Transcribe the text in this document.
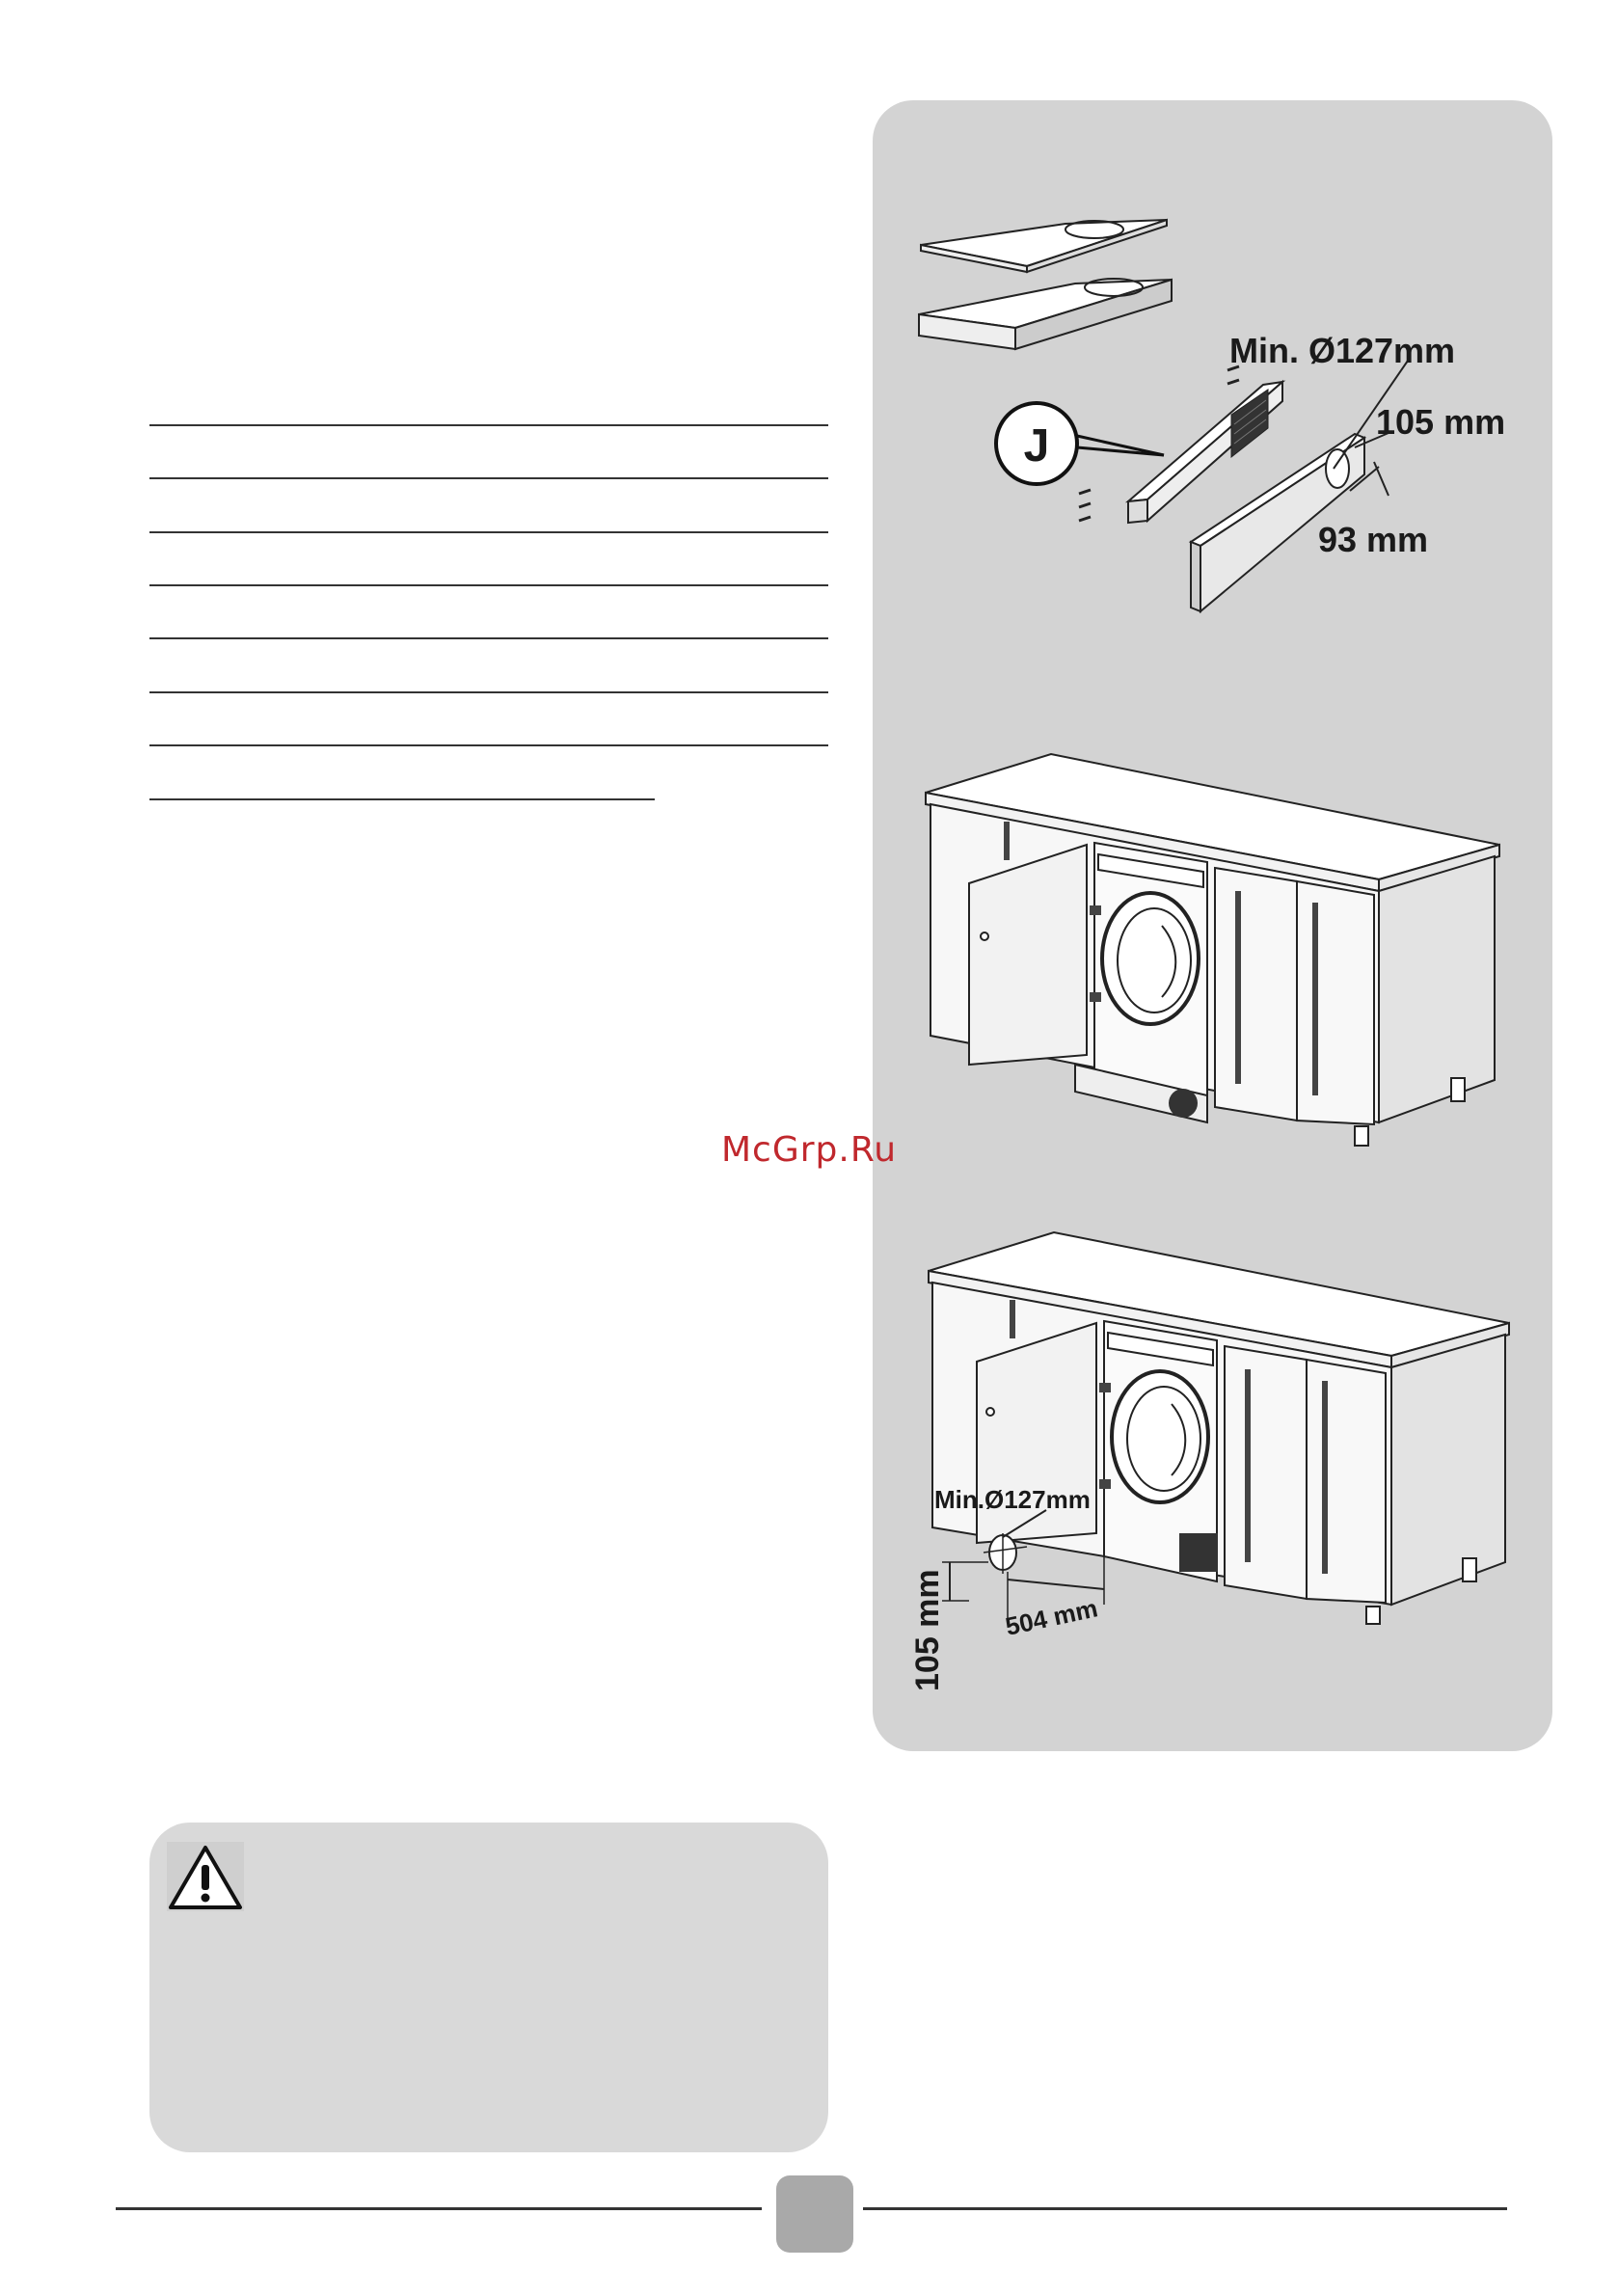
J
Min. Ø127mm
105 mm
93 mm
Min.Ø127mm
504 mm
105 mm
McGrp.Ru
